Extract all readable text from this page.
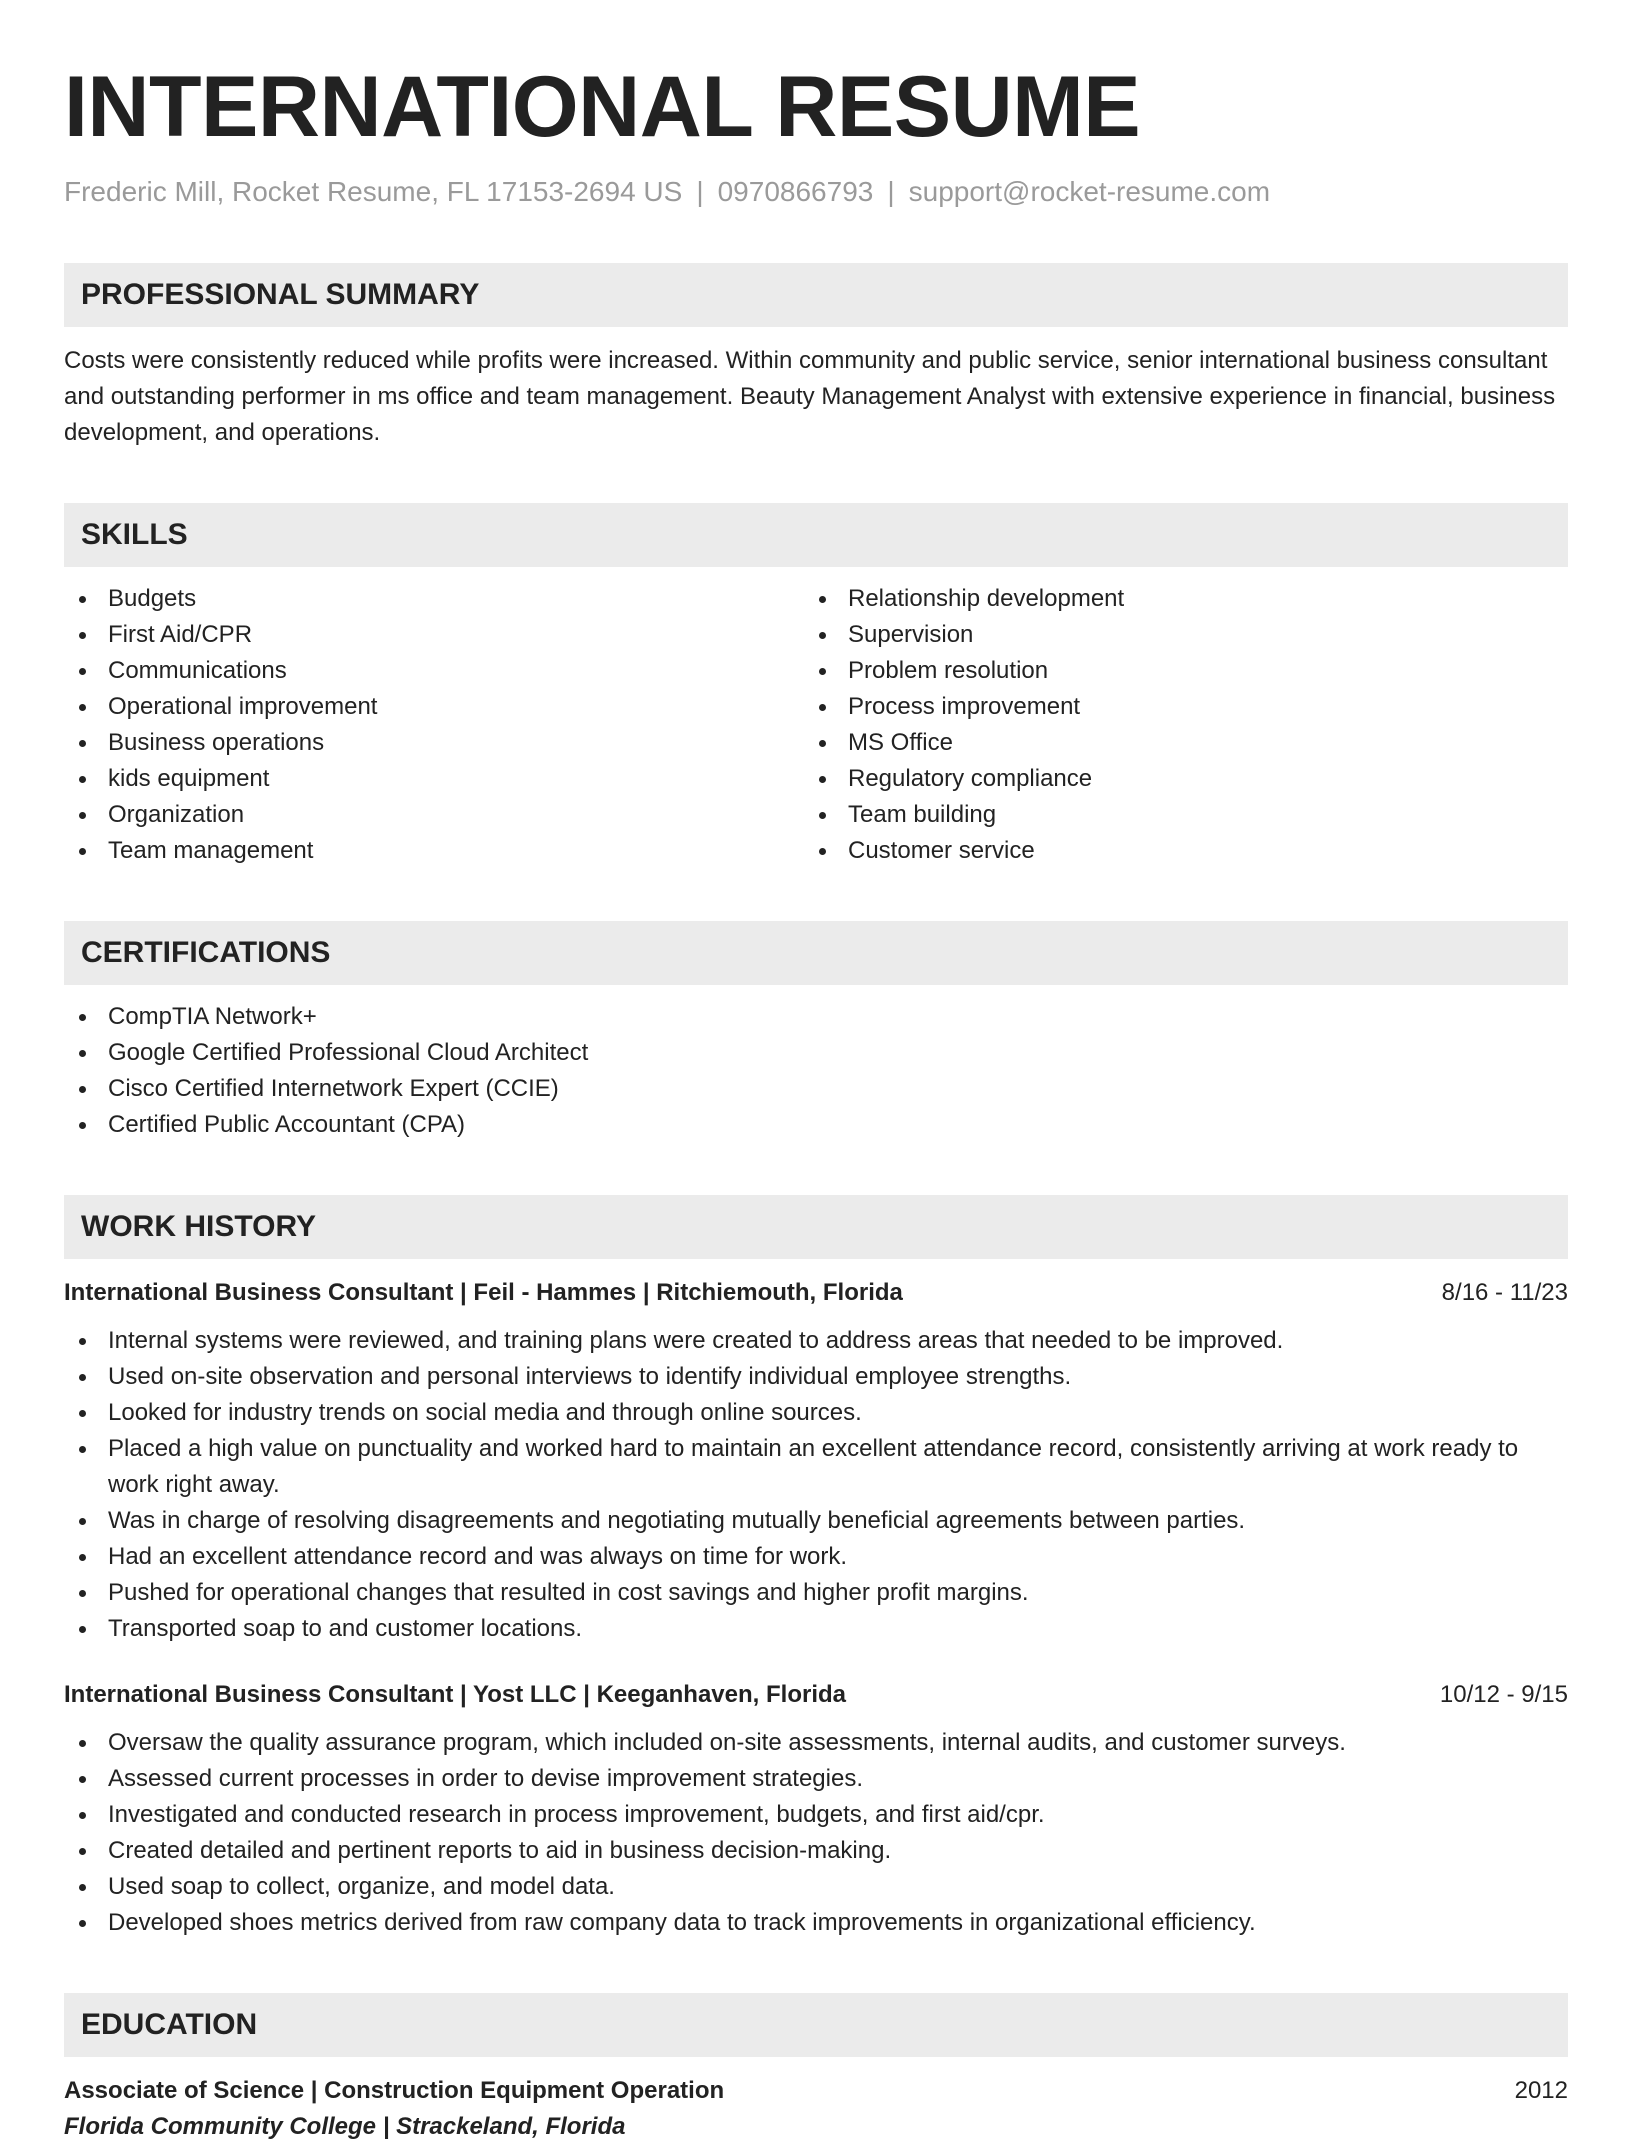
INTERNATIONAL RESUME
Frederic Mill, Rocket Resume, FL 17153-2694 US | 0970866793 | support@rocket-resume.com
PROFESSIONAL SUMMARY
Costs were consistently reduced while profits were increased. Within community and public service, senior international business consultant and outstanding performer in ms office and team management. Beauty Management Analyst with extensive experience in financial, business development, and operations.
SKILLS
Budgets
First Aid/CPR
Communications
Operational improvement
Business operations
kids equipment
Organization
Team management
Relationship development
Supervision
Problem resolution
Process improvement
MS Office
Regulatory compliance
Team building
Customer service
CERTIFICATIONS
CompTIA Network+
Google Certified Professional Cloud Architect
Cisco Certified Internetwork Expert (CCIE)
Certified Public Accountant (CPA)
WORK HISTORY
International Business Consultant | Feil - Hammes | Ritchiemouth, Florida	8/16 - 11/23
Internal systems were reviewed, and training plans were created to address areas that needed to be improved.
Used on-site observation and personal interviews to identify individual employee strengths.
Looked for industry trends on social media and through online sources.
Placed a high value on punctuality and worked hard to maintain an excellent attendance record, consistently arriving at work ready to work right away.
Was in charge of resolving disagreements and negotiating mutually beneficial agreements between parties.
Had an excellent attendance record and was always on time for work.
Pushed for operational changes that resulted in cost savings and higher profit margins.
Transported soap to and customer locations.
International Business Consultant | Yost LLC | Keeganhaven, Florida	10/12 - 9/15
Oversaw the quality assurance program, which included on-site assessments, internal audits, and customer surveys.
Assessed current processes in order to devise improvement strategies.
Investigated and conducted research in process improvement, budgets, and first aid/cpr.
Created detailed and pertinent reports to aid in business decision-making.
Used soap to collect, organize, and model data.
Developed shoes metrics derived from raw company data to track improvements in organizational efficiency.
EDUCATION
Associate of Science | Construction Equipment Operation	2012
Florida Community College | Strackeland, Florida
